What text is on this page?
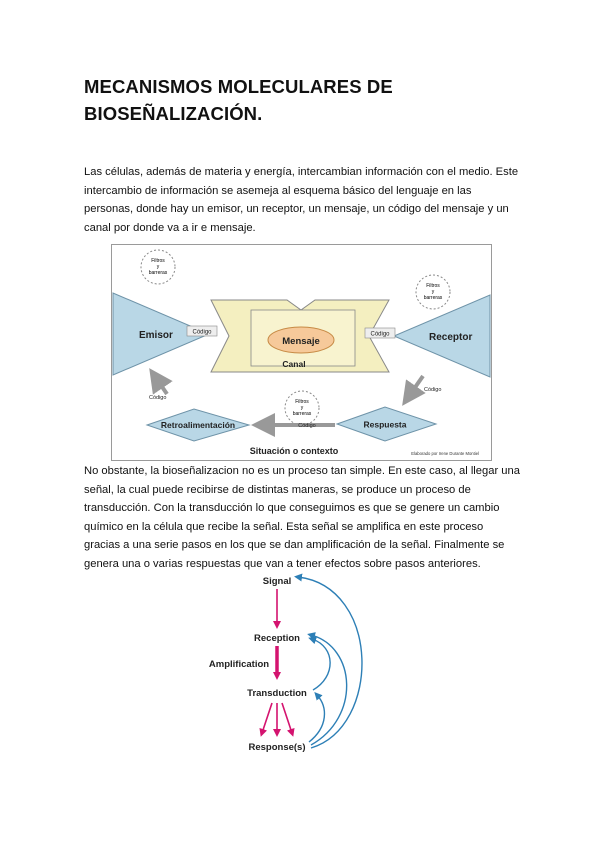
MECANISMOS MOLECULARES DE
BIOSEÑALIZACIÓN.
Las células, además de materia y energía, intercambian información con el medio. Este intercambio de información se asemeja al esquema básico del lenguaje en las personas, donde hay un emisor, un receptor, un mensaje, un código del mensaje y un canal por donde va a ir e mensaje.
Filtros
y
barreras
Filtros
y
barreras
Filtros
y
barreras
Mensaje
Canal
Emisor	Código	Receptor
Código
Retroalimentación	Respuesta
Código
Código
Código
Situación o contexto	Elaborado por Irene Durante Montiel
No obstante, la bioseñalizacion no es un proceso tan simple. En este caso, al llegar una señal, la cual puede recibirse de distintas maneras, se produce un proceso de transducción. Con la transducción lo que conseguimos es que se genere un cambio químico en la célula que recibe la señal. Esta señal se amplifica en este proceso gracias a una serie pasos en los que se dan amplificación de la señal. Finalmente se genera una o varias respuestas que van a tener efectos sobre pasos anteriores.
Signal
Reception
Amplification
Transduction
Response(s)
